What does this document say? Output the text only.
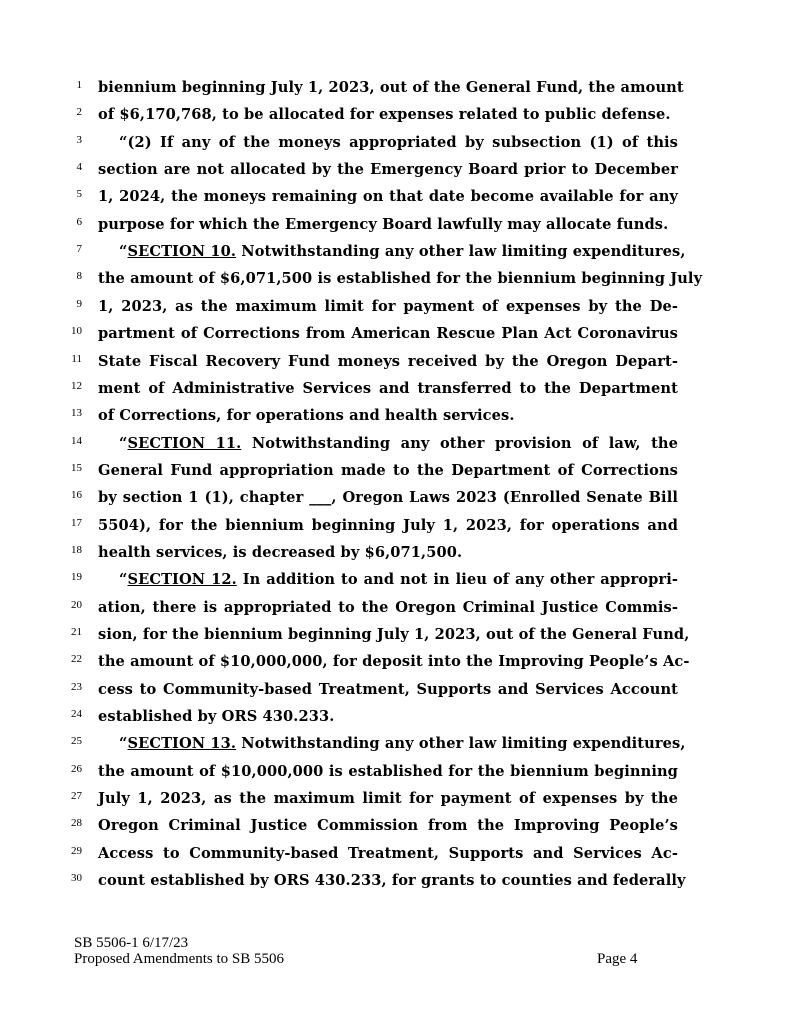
1 biennium beginning July 1, 2023, out of the General Fund, the amount
2 of $6,170,768, to be allocated for expenses related to public defense.
3	“(2) If any of the moneys appropriated by subsection (1) of this
4 section are not allocated by the Emergency Board prior to December
5 1, 2024, the moneys remaining on that date become available for any
6 purpose for which the Emergency Board lawfully may allocate funds.
7	“SECTION 10. Notwithstanding any other law limiting expenditures,
8 the amount of $6,071,500 is established for the biennium beginning July
9 1, 2023, as the maximum limit for payment of expenses by the De-
10 partment of Corrections from American Rescue Plan Act Coronavirus
11 State Fiscal Recovery Fund moneys received by the Oregon Depart-
12 ment of Administrative Services and transferred to the Department
13 of Corrections, for operations and health services.
14	“SECTION 11. Notwithstanding any other provision of law, the
15 General Fund appropriation made to the Department of Corrections
16 by section 1 (1), chapter ___, Oregon Laws 2023 (Enrolled Senate Bill
17 5504), for the biennium beginning July 1, 2023, for operations and
18 health services, is decreased by $6,071,500.
19	“SECTION 12. In addition to and not in lieu of any other appropri-
20 ation, there is appropriated to the Oregon Criminal Justice Commis-
21 sion, for the biennium beginning July 1, 2023, out of the General Fund,
22 the amount of $10,000,000, for deposit into the Improving People’s Ac-
23 cess to Community-based Treatment, Supports and Services Account
24 established by ORS 430.233.
25	“SECTION 13. Notwithstanding any other law limiting expenditures,
26 the amount of $10,000,000 is established for the biennium beginning
27 July 1, 2023, as the maximum limit for payment of expenses by the
28 Oregon Criminal Justice Commission from the Improving People’s
29 Access to Community-based Treatment, Supports and Services Ac-
30 count established by ORS 430.233, for grants to counties and federally
SB 5506-1 6/17/23
Proposed Amendments to SB 5506	Page 4
